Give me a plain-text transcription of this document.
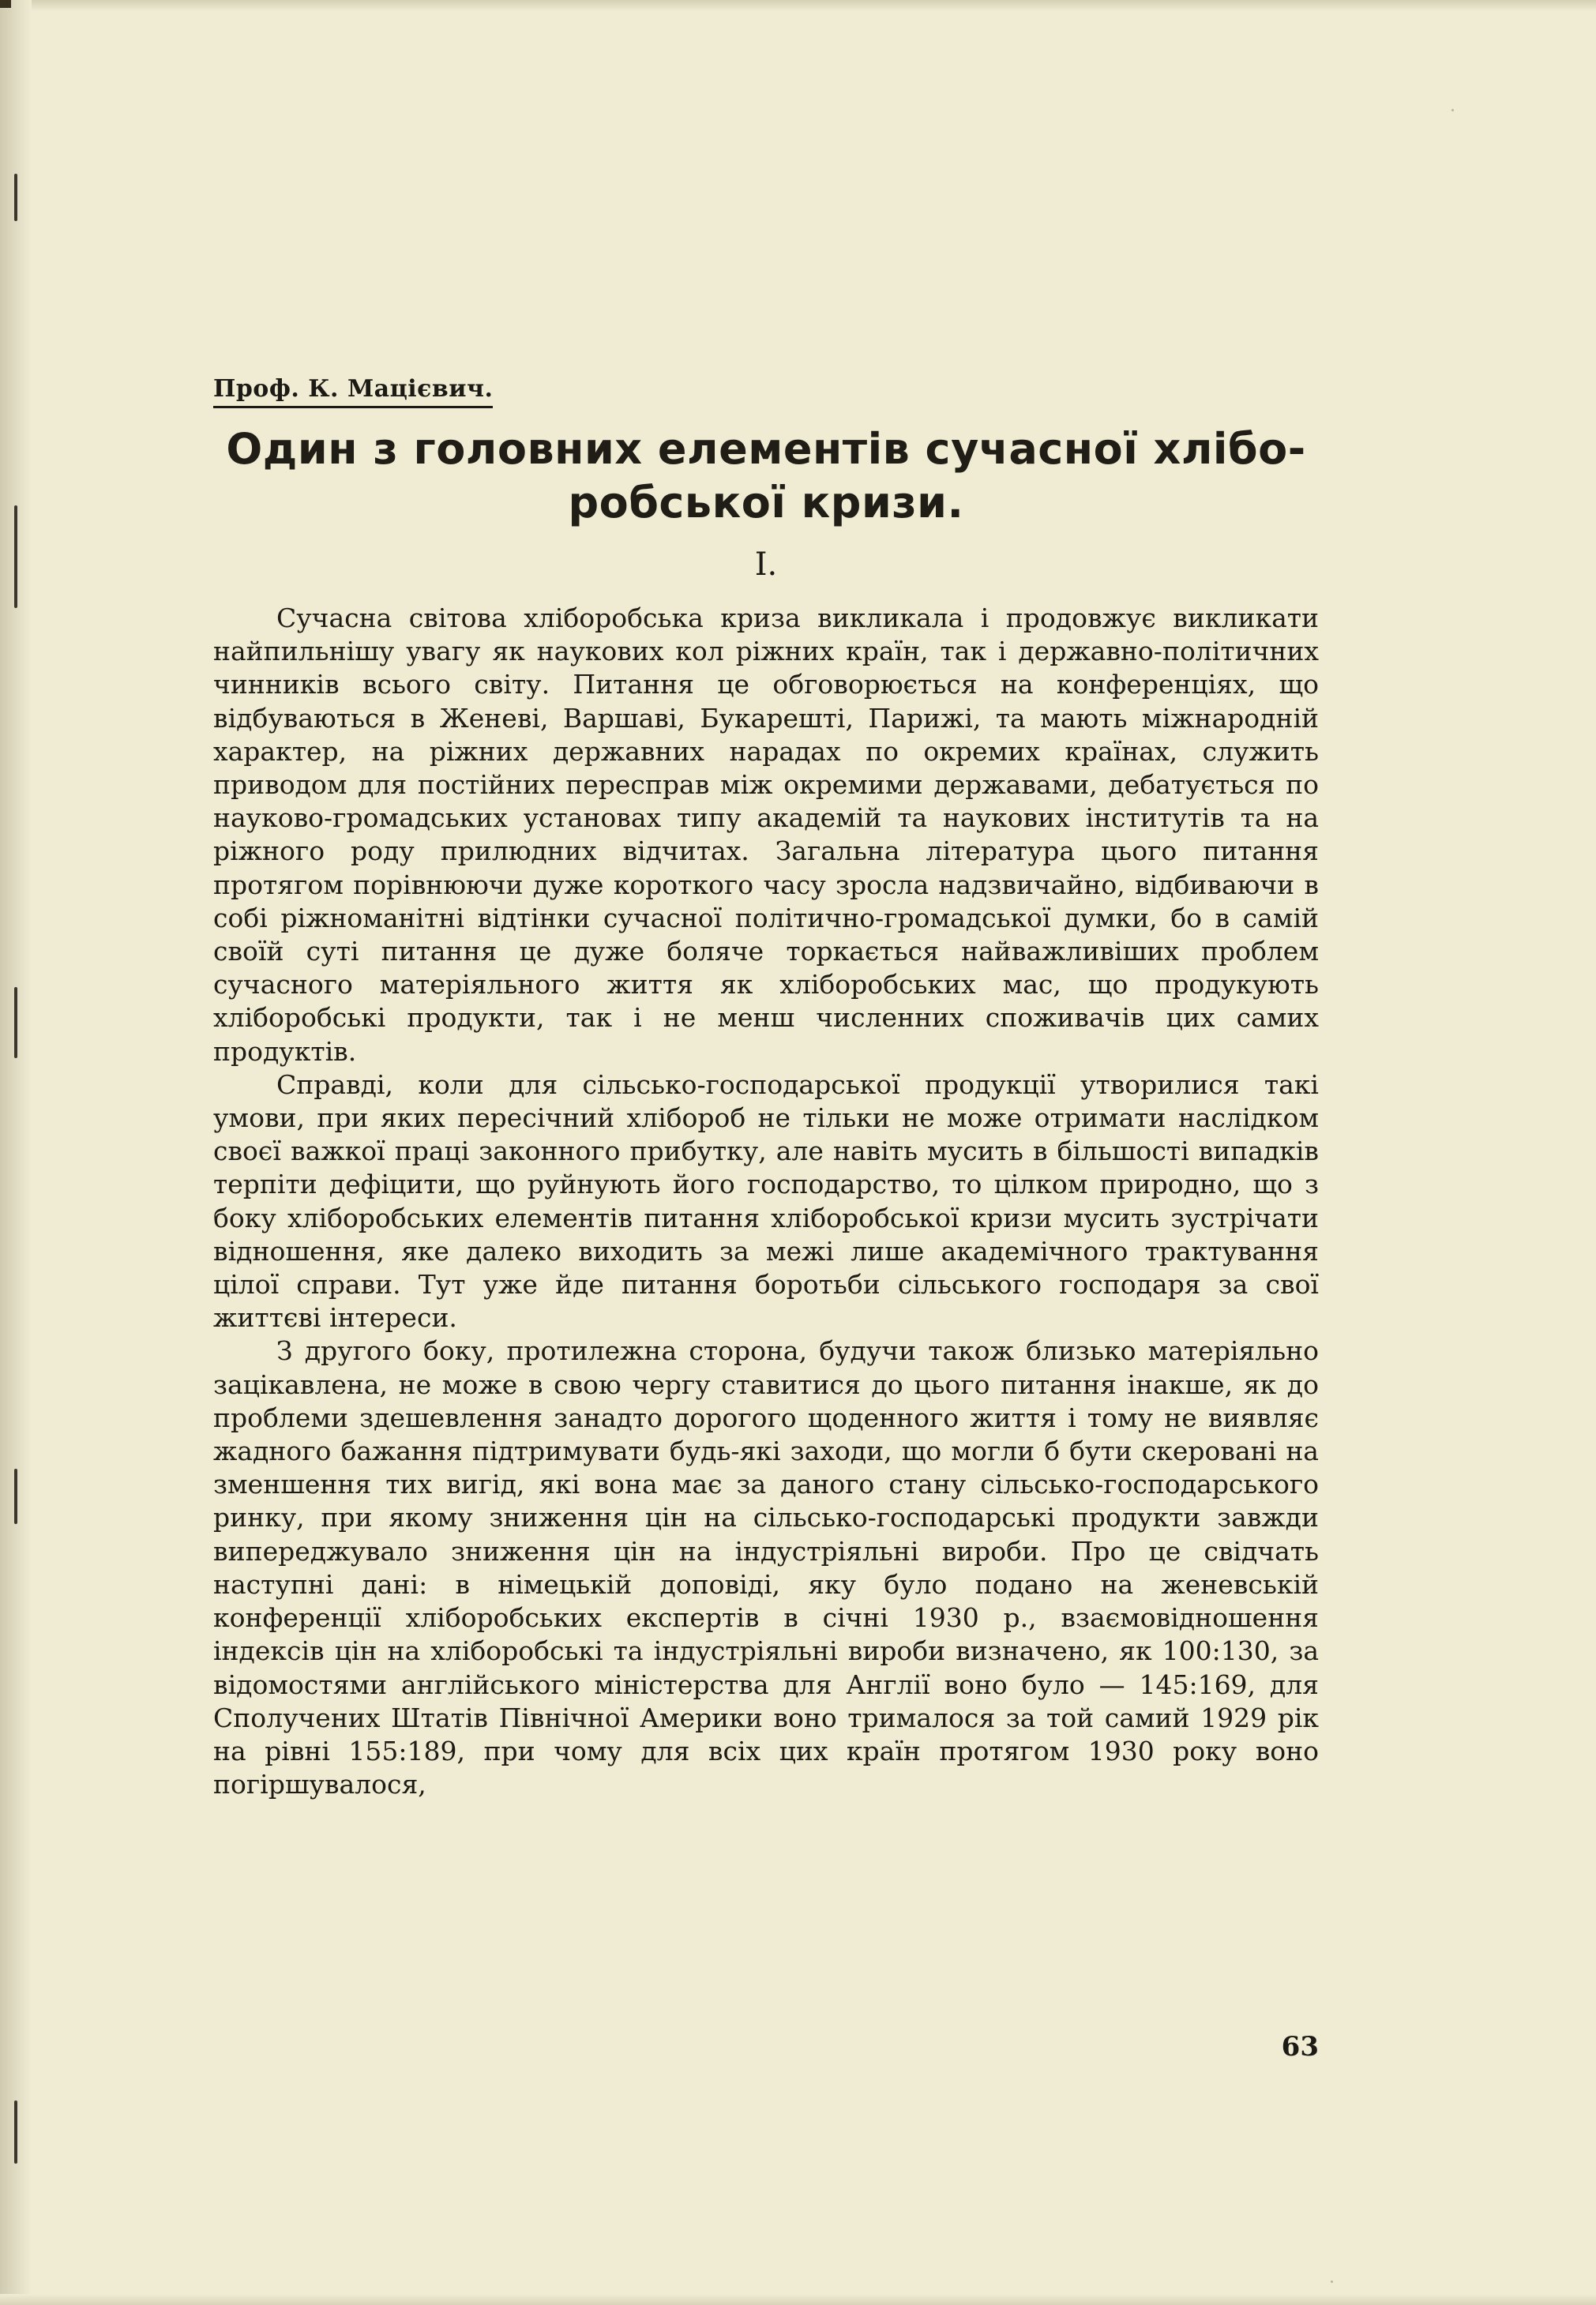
Проф. К. Мацієвич.

Один з головних елементів сучасної хлібо-робської кризи.
I.

Сучасна світова хліборобська криза викликала і продовжує викликати найпильнішу увагу як наукових кол ріжних країн, так і державно-політичних чинників всього світу. Питання це обговорюється на конференціях, що відбуваються в Женеві, Варшаві, Букарешті, Парижі, та мають міжнародній характер, на ріжних державних нарадах по окремих країнах, служить приводом для постійних пересправ між окремими державами, дебатується по науково-громадських установах типу академій та наукових інститутів та на ріжного роду прилюдних відчитах. Загальна література цього питання протягом порівнюючи дуже короткого часу зросла надзвичайно, відбиваючи в собі ріжноманітні відтінки сучасної політично-громадської думки, бо в самій своїй суті питання це дуже боляче торкається найважливіших проблем сучасного матеріяльного життя як хліборобських мас, що продукують хліборобські продукти, так і не менш численних споживачів цих самих продуктів.

Справді, коли для сільсько-господарської продукції утворилися такі умови, при яких пересічний хлібороб не тільки не може отримати наслідком своєї важкої праці законного прибутку, але навіть мусить в більшості випадків терпіти дефіцити, що руйнують його господарство, то цілком природно, що з боку хліборобських елементів питання хліборобської кризи мусить зустрічати відношення, яке далеко виходить за межі лише академічного трактування цілої справи. Тут уже йде питання боротьби сільського господаря за свої життєві інтереси.

З другого боку, протилежна сторона, будучи також близько матеріяльно зацікавлена, не може в свою чергу ставитися до цього питання інакше, як до проблеми здешевлення занадто дорогого щоденного життя і тому не виявляє жадного бажання підтримувати будь-які заходи, що могли б бути скеровані на зменшення тих вигід, які вона має за даного стану сільсько-господарського ринку, при якому зниження цін на сільсько-господарські продукти завжди випереджувало зниження цін на індустріяльні вироби. Про це свідчать наступні дані: в німецькій доповіді, яку було подано на женевській конференції хліборобських експертів в січні 1930 р., взаємовідношення індексів цін на хліборобські та індустріяльні вироби визначено, як 100:130, за відомостями англійського міністерства для Англії воно було — 145:169, для Сполучених Штатів Північної Америки воно трималося за той самий 1929 рік на рівні 155:189, при чому для всіх цих країн протягом 1930 року воно погіршувалося,

63
